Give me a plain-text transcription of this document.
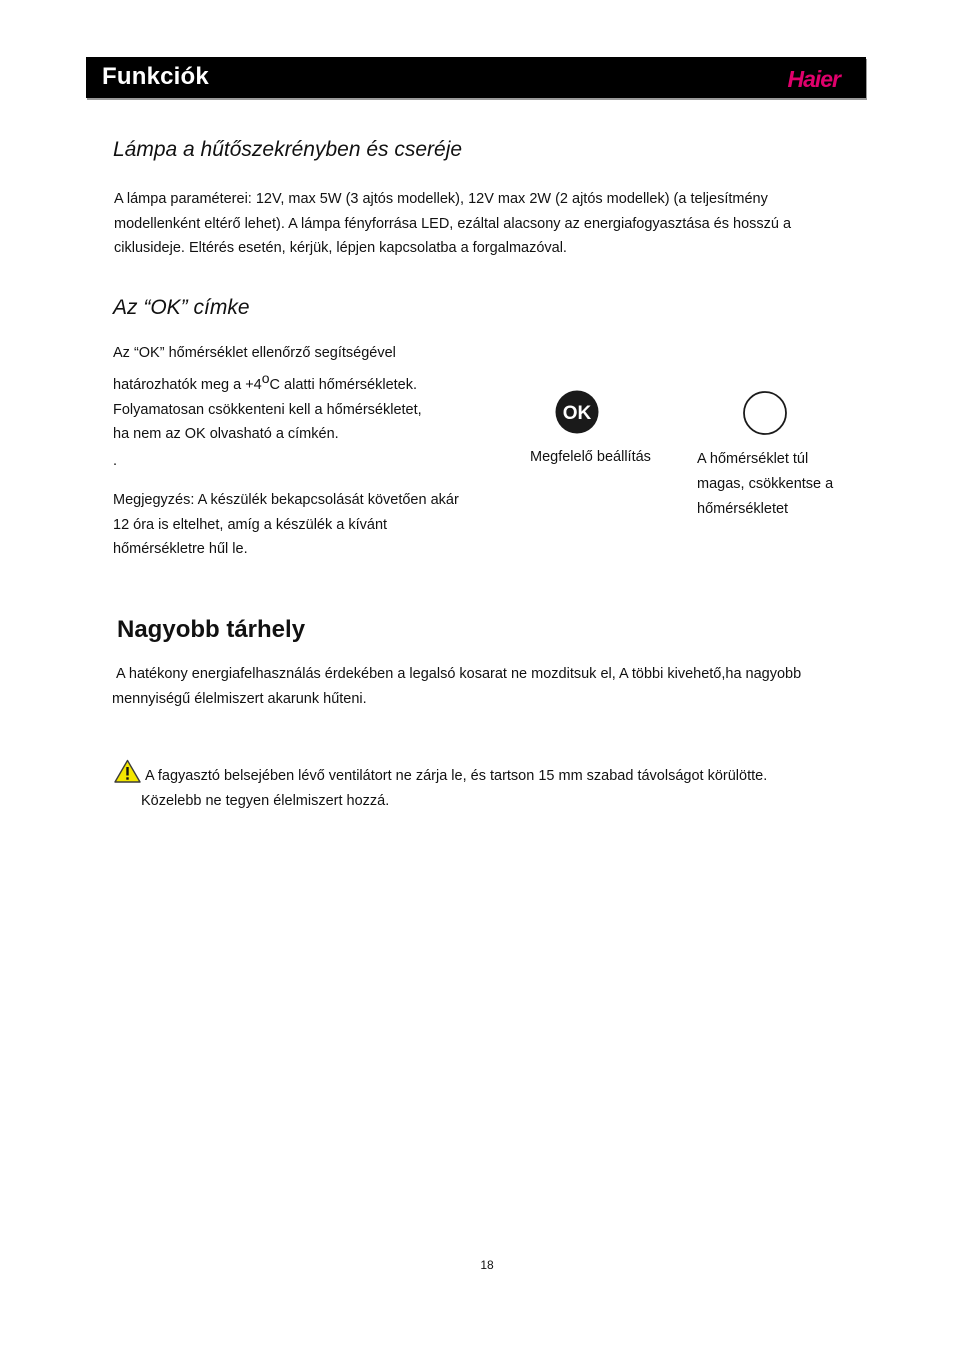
Funkciók	Haier
Lámpa a hűtőszekrényben és cseréje
A lámpa paraméterei: 12V, max 5W (3 ajtós modellek), 12V max 2W (2 ajtós modellek) (a teljesítmény
modellenként eltérő lehet). A lámpa fényforrása LED, ezáltal alacsony az energiafogyasztása és hosszú a
ciklusideje. Eltérés esetén, kérjük, lépjen kapcsolatba a forgalmazóval.
Az “OK” címke
Az “OK” hőmérséklet ellenőrző segítségével
határozhatók meg $a +4^oC$ alatti hőmérsékletek.
Folyamatosan csökkenteni kell a hőmérsékletet,
ha nem az OK olvasható a címkén.
.
Megjegyzés: A készülék bekapcsolását követően akár
12 óra is eltelhet, amíg a készülék a kívánt
hőmérsékletre hűl le.
OK
Megfelelő beállítás	A hőmérséklet túl
magas, csökkentse a
hőmérsékletet
Nagyobb tárhely
A hatékony energiafelhasználás érdekében a legalsó kosarat ne mozditsuk el, A többi kivehető,ha nagyobb
mennyiségű élelmiszert akarunk hűteni.
A fagyasztó belsejében lévő ventilátort ne zárja le, és tartson 15 mm szabad távolságot körülötte.
Közelebb ne tegyen élelmiszert hozzá.
18
